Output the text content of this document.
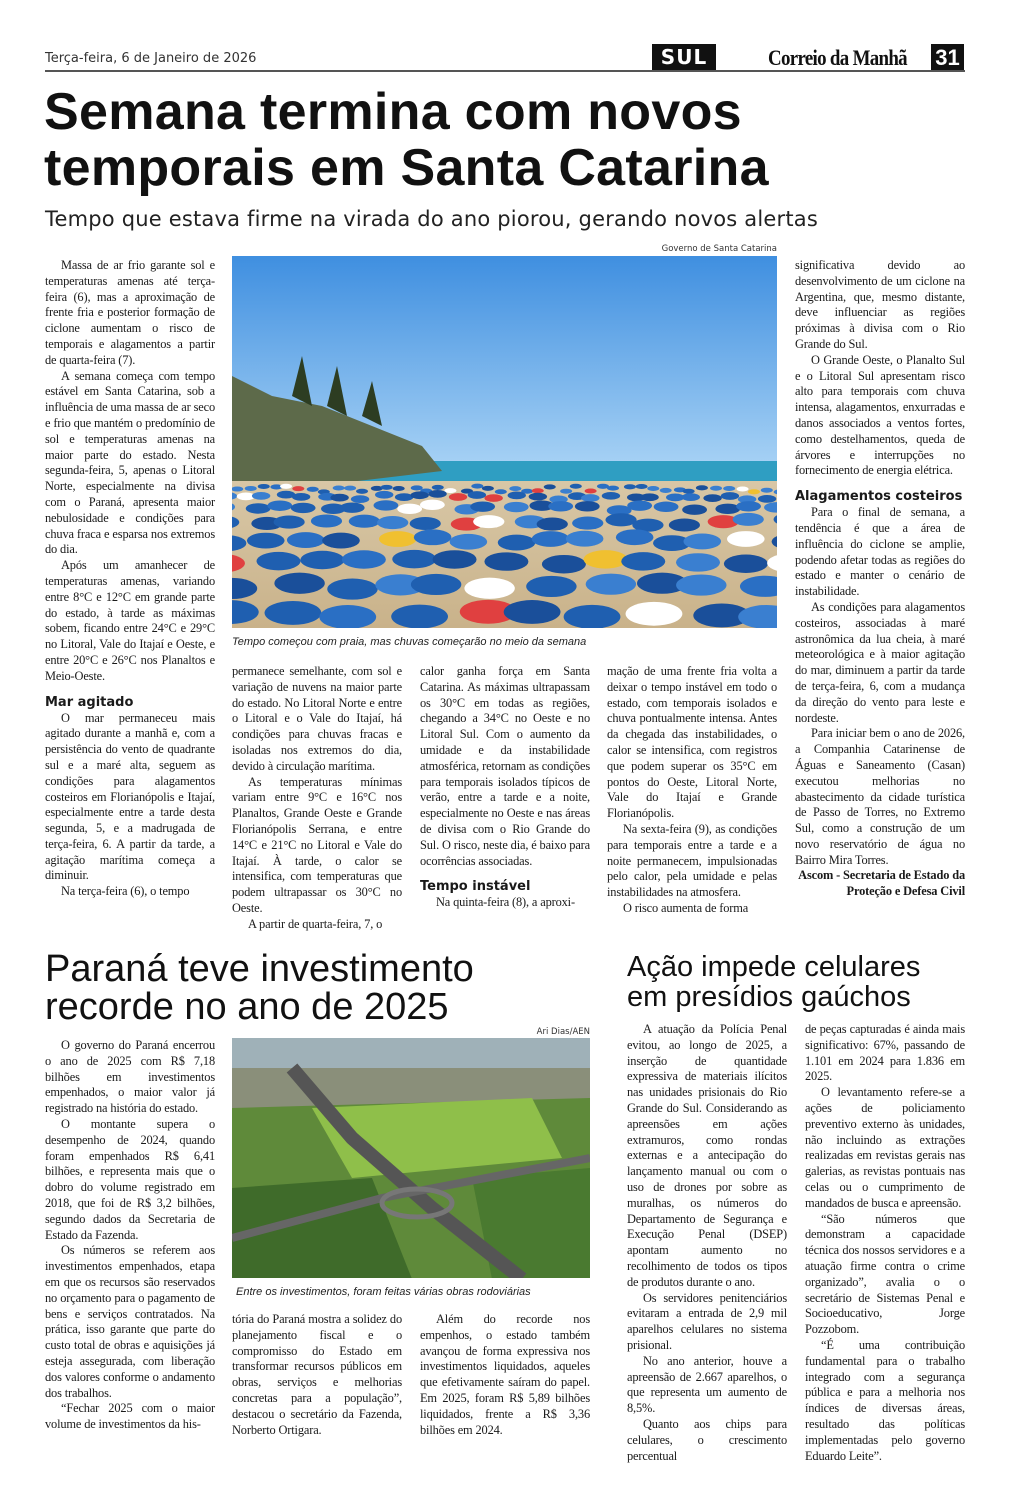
Terça-feira, 6 de Janeiro de 2026	SUL	Correio da Manhã 31
Semana termina com novos
temporais em Santa Catarina
Tempo que estava firme na virada do ano piorou, gerando novos alertas
Governo de Santa Catarina
Tempo começou com praia, mas chuvas começarão no meio da semana

Massa de ar frio garante sol e temperaturas amenas até terça-feira (6), mas a aproximação de frente fria e posterior formação de ciclone aumentam o risco de temporais e alagamentos a partir de quarta-feira (7).

A semana começa com tempo estável em Santa Catarina, sob a influência de uma massa de ar seco e frio que mantém o predomínio de sol e temperaturas amenas na maior parte do estado. Nesta segunda-feira, 5, apenas o Litoral Norte, especialmente na divisa com o Paraná, apresenta maior nebulosidade e condições para chuva fraca e esparsa nos extremos do dia.

Após um amanhecer de temperaturas amenas, variando entre 8°C e 12°C em grande parte do estado, à tarde as máximas sobem, ficando entre 24°C e 29°C no Litoral, Vale do Itajaí e Oeste, e entre 20°C e 26°C nos Planaltos e Meio-Oeste.

Mar agitado

O mar permaneceu mais agitado durante a manhã e, com a persistência do vento de quadrante sul e a maré alta, seguem as condições para alagamentos costeiros em Florianópolis e Itajaí, especialmente entre a tarde desta segunda, 5, e a madrugada de terça-feira, 6. A partir da tarde, a agitação marítima começa a diminuir.

Na terça-feira (6), o tempo

permanece semelhante, com sol e variação de nuvens na maior parte do estado. No Litoral Norte e entre o Litoral e o Vale do Itajaí, há condições para chuvas fracas e isoladas nos extremos do dia, devido à circulação marítima.

As temperaturas mínimas variam entre 9°C e 16°C nos Planaltos, Grande Oeste e Grande Florianópolis Serrana, e entre 14°C e 21°C no Litoral e Vale do Itajaí. À tarde, o calor se intensifica, com temperaturas que podem ultrapassar os 30°C no Oeste.

A partir de quarta-feira, 7, o

calor ganha força em Santa Catarina. As máximas ultrapassam os 30°C em todas as regiões, chegando a 34°C no Oeste e no Litoral Sul. Com o aumento da umidade e da instabilidade atmosférica, retornam as condições para temporais isolados típicos de verão, entre a tarde e a noite, especialmente no Oeste e nas áreas de divisa com o Rio Grande do Sul. O risco, neste dia, é baixo para ocorrências associadas.

Tempo instável

Na quinta-feira (8), a aproxi-

mação de uma frente fria volta a deixar o tempo instável em todo o estado, com temporais isolados e chuva pontualmente intensa. Antes da chegada das instabilidades, o calor se intensifica, com registros que podem superar os 35°C em pontos do Oeste, Litoral Norte, Vale do Itajaí e Grande Florianópolis.

Na sexta-feira (9), as condições para temporais entre a tarde e a noite permanecem, impulsionadas pelo calor, pela umidade e pelas instabilidades na atmosfera.

O risco aumenta de forma

significativa devido ao desenvolvimento de um ciclone na Argentina, que, mesmo distante, deve influenciar as regiões próximas à divisa com o Rio Grande do Sul.

O Grande Oeste, o Planalto Sul e o Litoral Sul apresentam risco alto para temporais com chuva intensa, alagamentos, enxurradas e danos associados a ventos fortes, como destelhamentos, queda de árvores e interrupções no fornecimento de energia elétrica.

Alagamentos costeiros

Para o final de semana, a tendência é que a área de influência do ciclone se amplie, podendo afetar todas as regiões do estado e manter o cenário de instabilidade.

As condições para alagamentos costeiros, associadas à maré astronômica da lua cheia, à maré meteorológica e à maior agitação do mar, diminuem a partir da tarde de terça-feira, 6, com a mudança da direção do vento para leste e nordeste.

Para iniciar bem o ano de 2026, a Companhia Catarinense de Águas e Saneamento (Casan) executou melhorias no abastecimento da cidade turística de Passo de Torres, no Extremo Sul, como a construção de um novo reservatório de água no Bairro Mira Torres.

Ascom - Secretaria de Estado da Proteção e Defesa Civil

Paraná teve investimento
recorde no ano de 2025
Ari Dias/AEN
Entre os investimentos, foram feitas várias obras rodoviárias

O governo do Paraná encerrou o ano de 2025 com R$ 7,18 bilhões em investimentos empenhados, o maior valor já registrado na história do estado.

O montante supera o desempenho de 2024, quando foram empenhados R$ 6,41 bilhões, e representa mais que o dobro do volume registrado em 2018, que foi de R$ 3,2 bilhões, segundo dados da Secretaria de Estado da Fazenda.

Os números se referem aos investimentos empenhados, etapa em que os recursos são reservados no orçamento para o pagamento de bens e serviços contratados. Na prática, isso garante que parte do custo total de obras e aquisições já esteja assegurada, com liberação dos valores conforme o andamento dos trabalhos.

“Fechar 2025 com o maior volume de investimentos da his-

tória do Paraná mostra a solidez do planejamento fiscal e o compromisso do Estado em transformar recursos públicos em obras, serviços e melhorias concretas para a população”, destacou o secretário da Fazenda, Norberto Ortigara.

Além do recorde nos empenhos, o estado também avançou de forma expressiva nos investimentos liquidados, aqueles que efetivamente saíram do papel. Em 2025, foram R$ 5,89 bilhões liquidados, frente a R$ 3,36 bilhões em 2024.

Ação impede celulares
em presídios gaúchos

A atuação da Polícia Penal evitou, ao longo de 2025, a inserção de quantidade expressiva de materiais ilícitos nas unidades prisionais do Rio Grande do Sul. Considerando as apreensões em ações extramuros, como rondas externas e a antecipação do lançamento manual ou com o uso de drones por sobre as muralhas, os números do Departamento de Segurança e Execução Penal (DSEP) apontam aumento no recolhimento de todos os tipos de produtos durante o ano.

Os servidores penitenciários evitaram a entrada de 2,9 mil aparelhos celulares no sistema prisional.

No ano anterior, houve a apreensão de 2.667 aparelhos, o que representa um aumento de 8,5%.

Quanto aos chips para celulares, o crescimento percentual

de peças capturadas é ainda mais significativo: 67%, passando de 1.101 em 2024 para 1.836 em 2025.

O levantamento refere-se a ações de policiamento preventivo externo às unidades, não incluindo as extrações realizadas em revistas gerais nas galerias, as revistas pontuais nas celas ou o cumprimento de mandados de busca e apreensão.

“São números que demonstram a capacidade técnica dos nossos servidores e a atuação firme contra o crime organizado”, avalia o o secretário de Sistemas Penal e Socioeducativo, Jorge Pozzobom.

“É uma contribuição fundamental para o trabalho integrado com a segurança pública e para a melhoria nos índices de diversas áreas, resultado das políticas implementadas pelo governo Eduardo Leite”.
